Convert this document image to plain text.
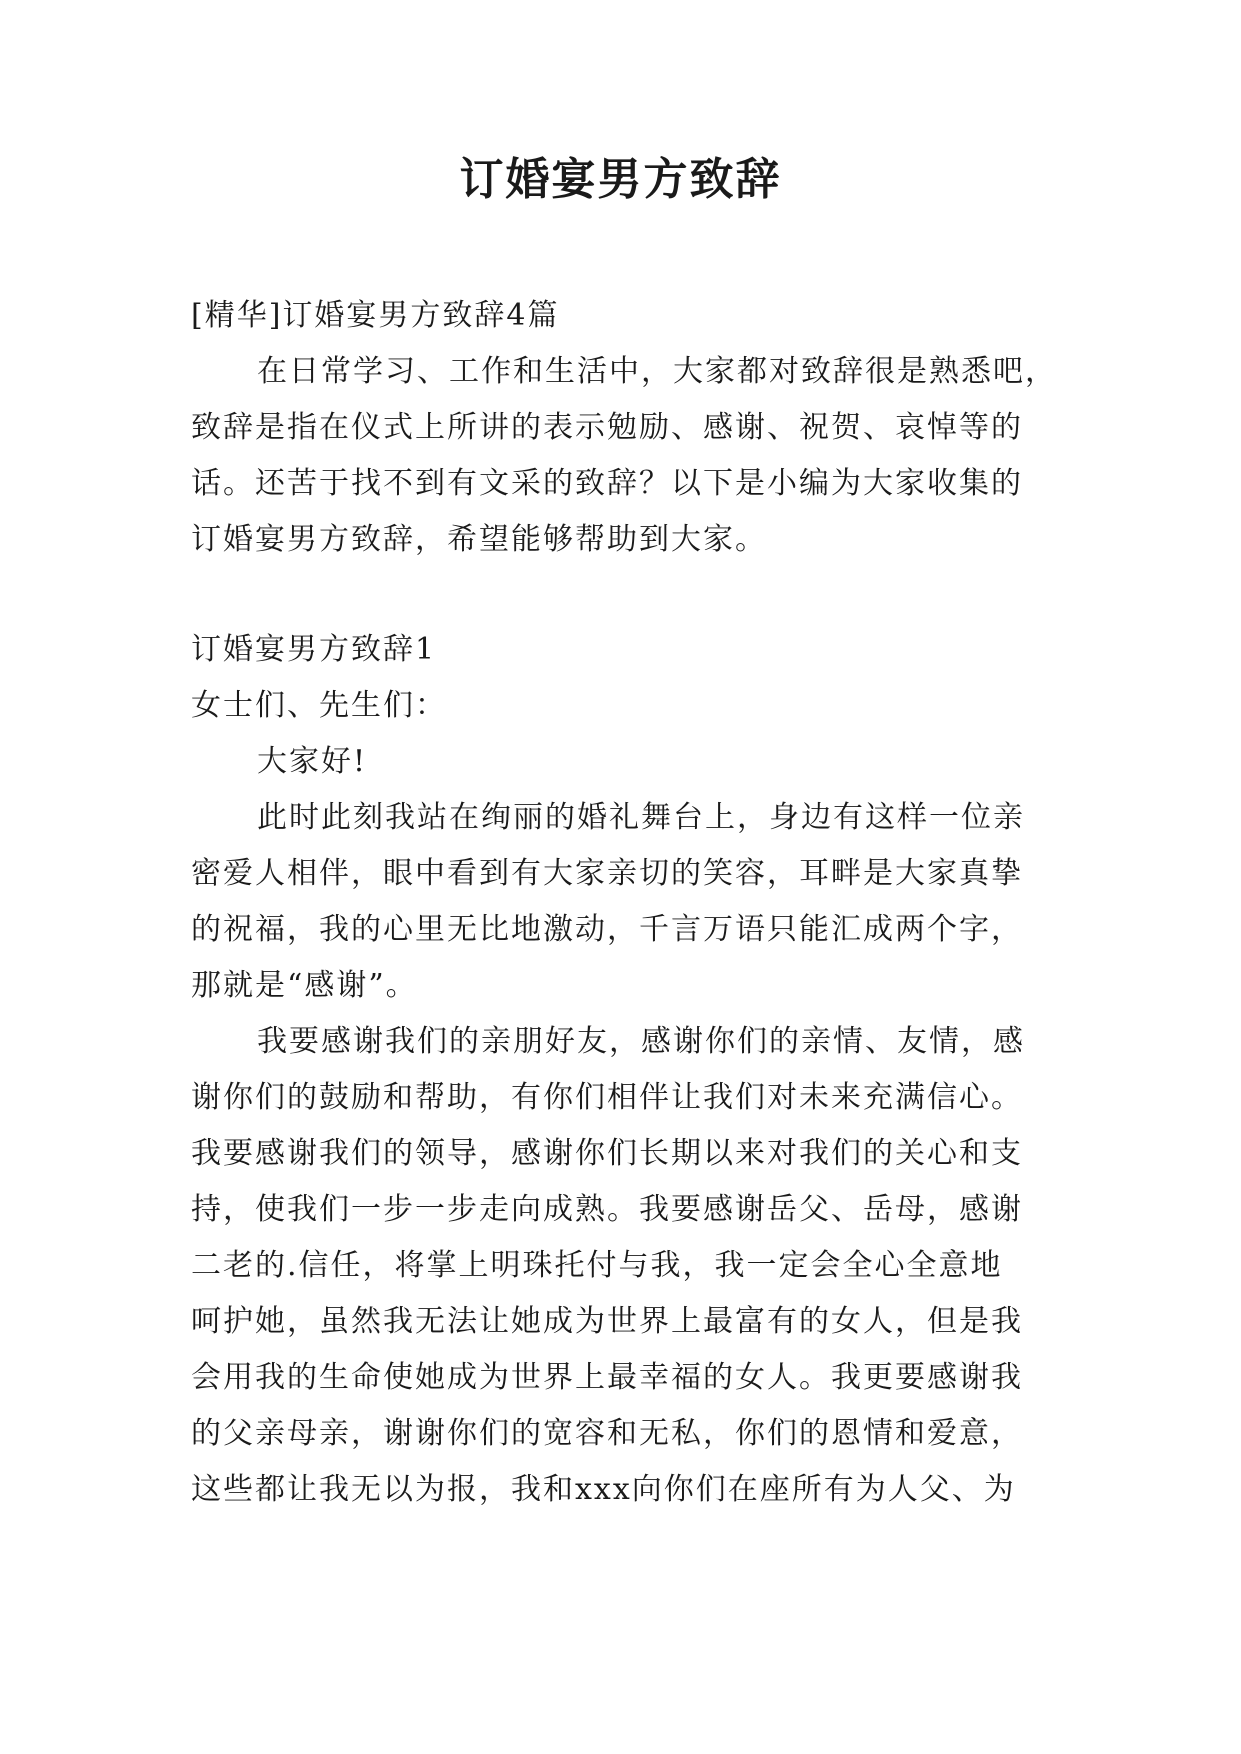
订婚宴男方致辞
[精华]订婚宴男方致辞4篇
在日常学习、工作和生活中，大家都对致辞很是熟悉吧，
致辞是指在仪式上所讲的表示勉励、感谢、祝贺、哀悼等的
话。还苦于找不到有文采的致辞？以下是小编为大家收集的
订婚宴男方致辞，希望能够帮助到大家。
订婚宴男方致辞1
女士们、先生们：
大家好!
此时此刻我站在绚丽的婚礼舞台上，身边有这样一位亲
密爱人相伴，眼中看到有大家亲切的笑容，耳畔是大家真挚
的祝福，我的心里无比地激动，千言万语只能汇成两个字，
那就是“感谢”。
我要感谢我们的亲朋好友，感谢你们的亲情、友情，感
谢你们的鼓励和帮助，有你们相伴让我们对未来充满信心。
我要感谢我们的领导，感谢你们长期以来对我们的关心和支
持，使我们一步一步走向成熟。我要感谢岳父、岳母，感谢
二老的.信任，将掌上明珠托付与我，我一定会全心全意地
呵护她，虽然我无法让她成为世界上最富有的女人，但是我
会用我的生命使她成为世界上最幸福的女人。我更要感谢我
的父亲母亲，谢谢你们的宽容和无私，你们的恩情和爱意，
这些都让我无以为报，我和xxx向你们在座所有为人父、为
